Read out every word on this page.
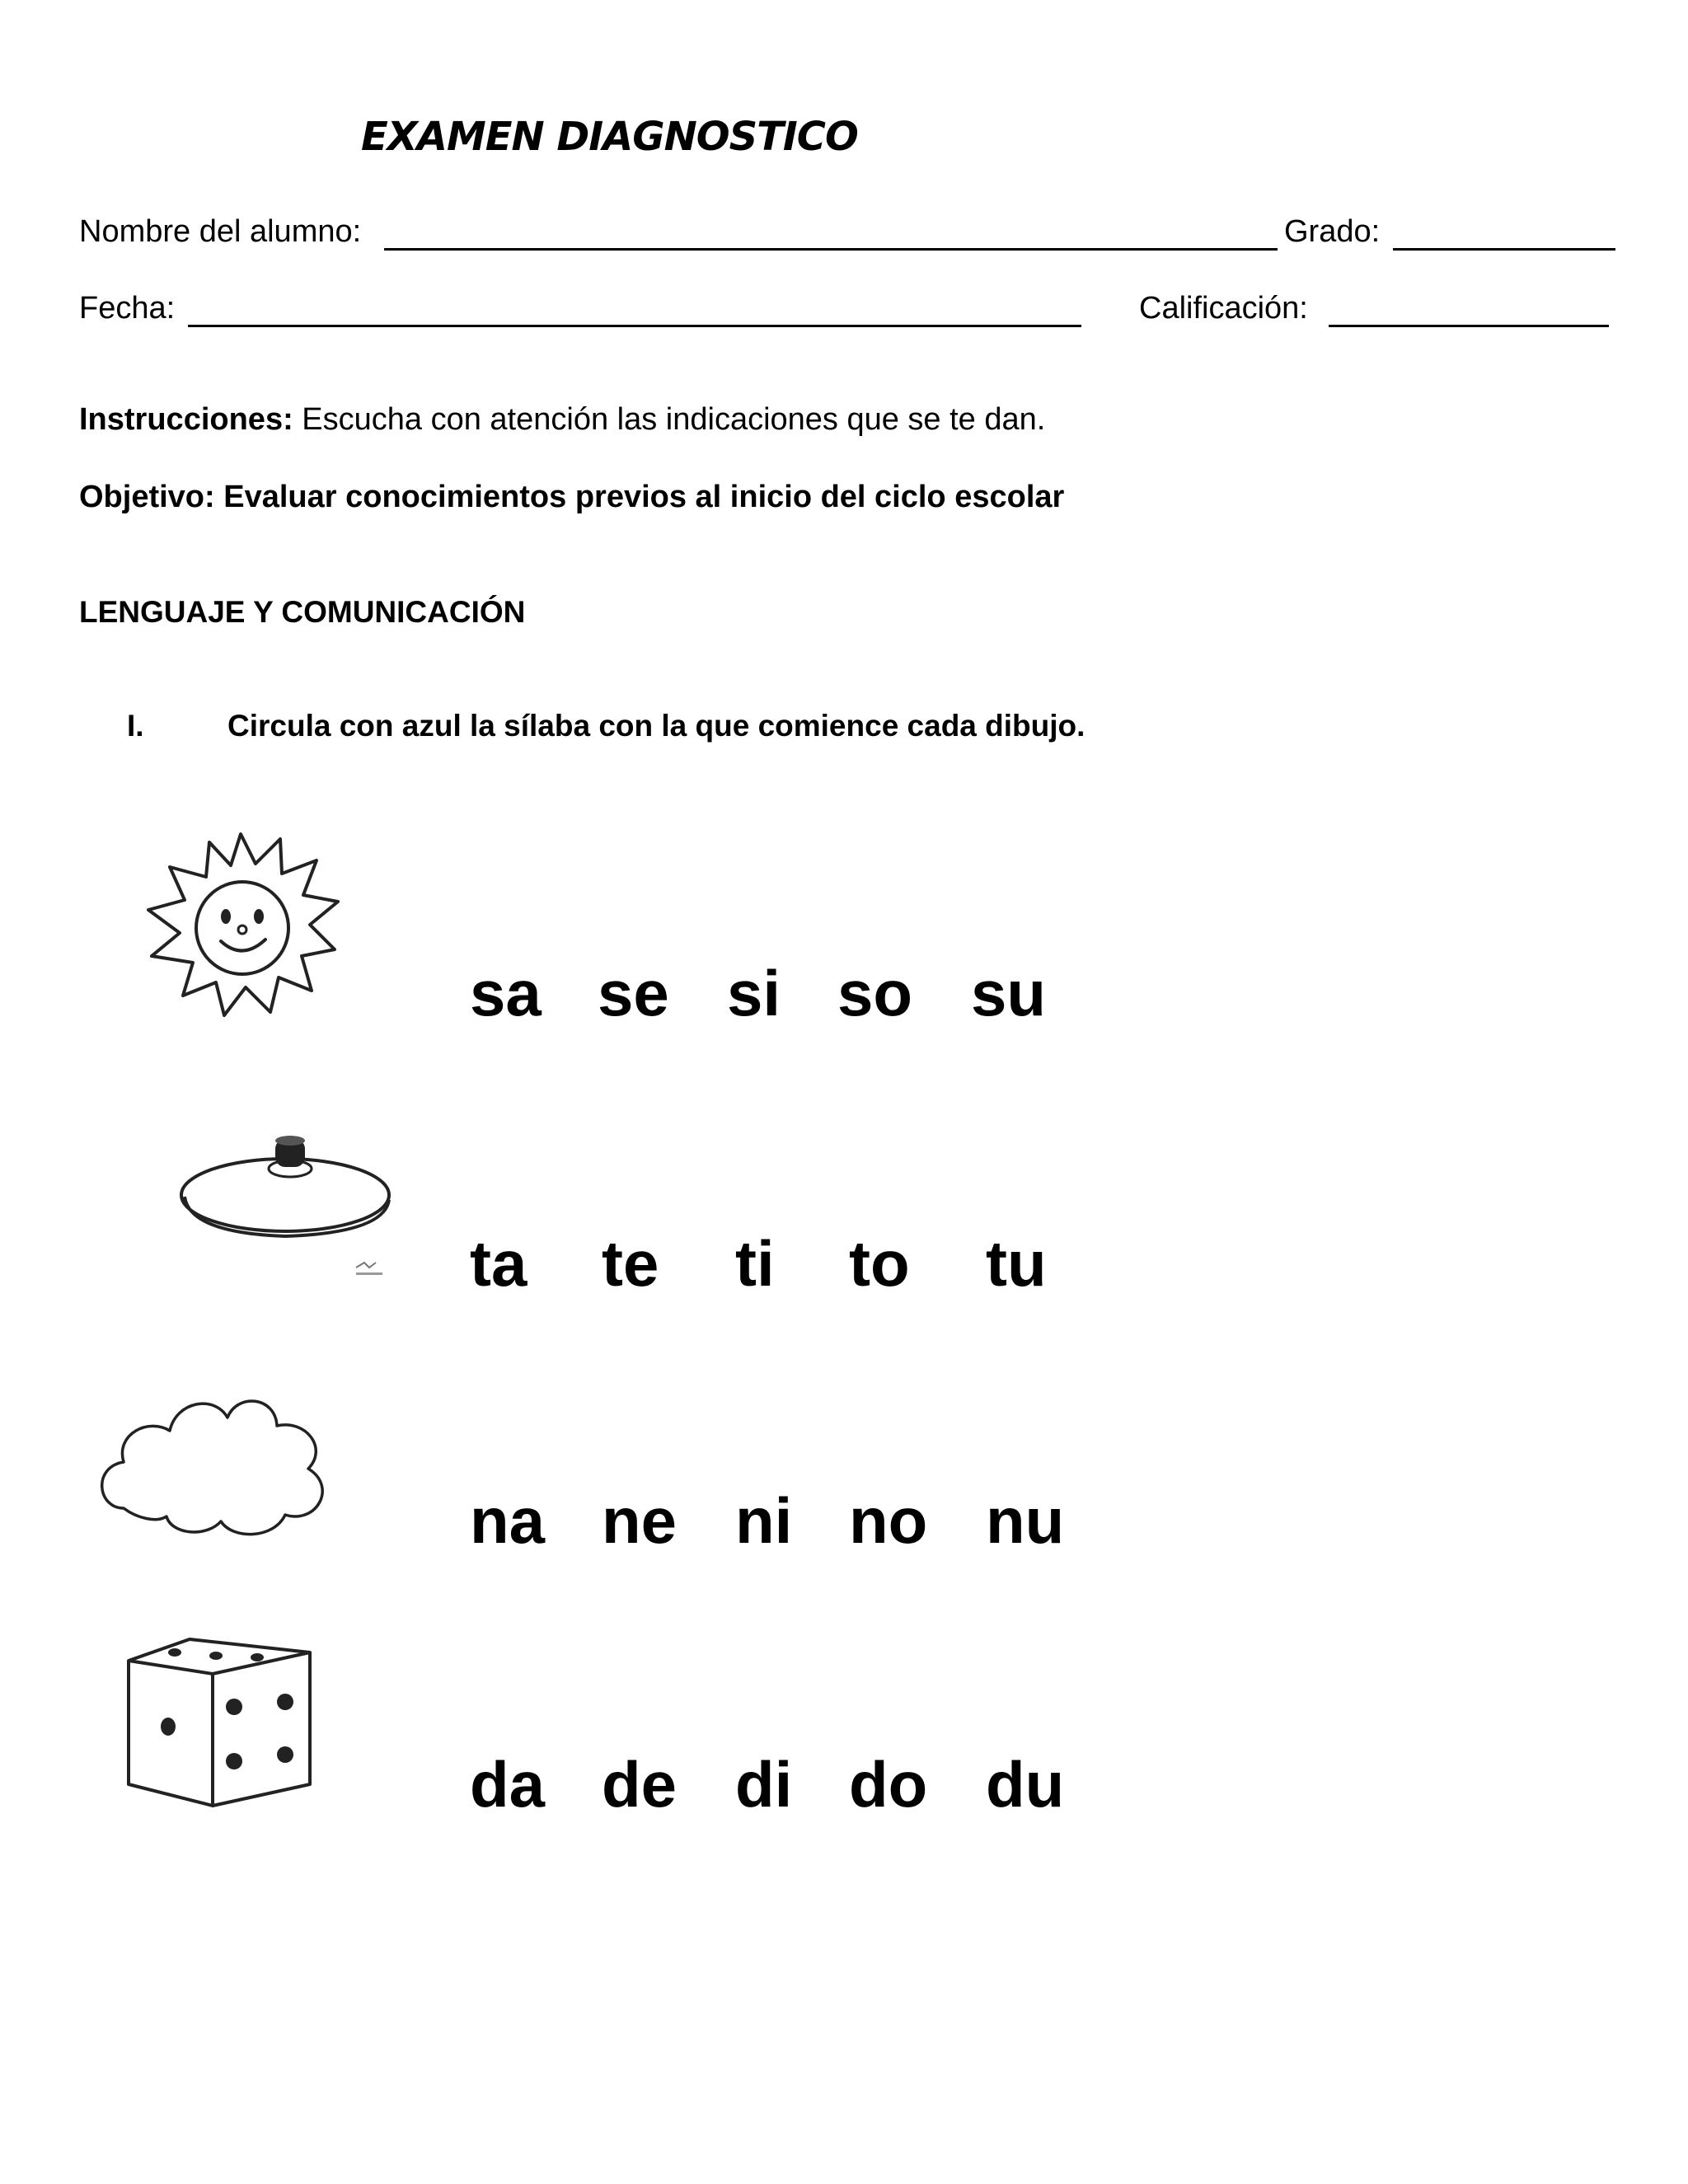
EXAMEN DIAGNOSTICO
Nombre del alumno:	Grado:
Fecha:	Calificación:
Instrucciones: Escucha con atención las indicaciones que se te dan.
Objetivo: Evaluar conocimientos previos al inicio del ciclo escolar
LENGUAJE Y COMUNICACIÓN
I.	Circula con azul la sílaba con la que comience cada dibujo.
sa se si so su
ta te ti to tu
na ne ni no nu
da de di do du
